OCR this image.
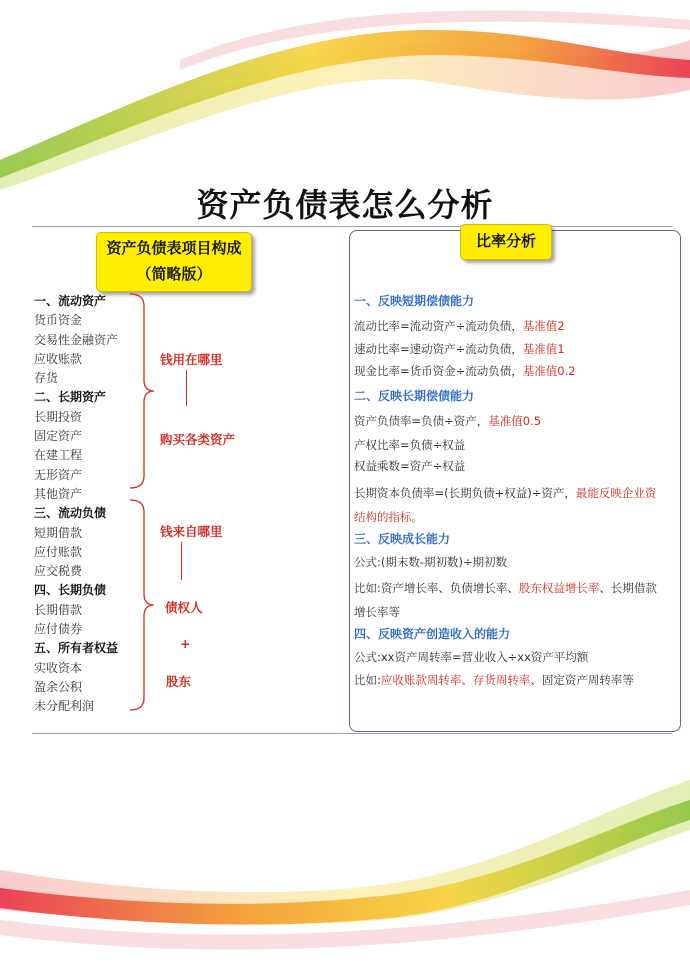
资产负债表怎么分析
资产负债表项目构成
（简略版）
一、流动资产
货币资金
交易性金融资产
应收账款
存货
二、长期资产
长期投资
固定资产
在建工程
无形资产
其他资产
三、流动负债
短期借款
应付账款
应交税费
四、长期负债
长期借款
应付债券
五、所有者权益
实收资本
盈余公积
未分配利润
钱用在哪里
购买各类资产
钱来自哪里
债权人
+
股东
比率分析
一、反映短期偿债能力
流动比率=流动资产÷流动负债，基准值2
速动比率=速动资产÷流动负债，基准值1
现金比率=货币资金÷流动负债，基准值0.2
二、反映长期偿债能力
资产负债率=负债÷资产，基准值0.5
产权比率=负债÷权益
权益乘数=资产÷权益
长期资本负债率=(长期负债+权益)÷资产，最能反映企业资
结构的指标。
三、反映成长能力
公式:(期末数-期初数)÷期初数
比如:资产增长率、负债增长率、股东权益增长率、长期借款
增长率等
四、反映资产创造收入的能力
公式:xx资产周转率=营业收入÷xx资产平均额
比如:应收账款周转率、存货周转率、固定资产周转率等
